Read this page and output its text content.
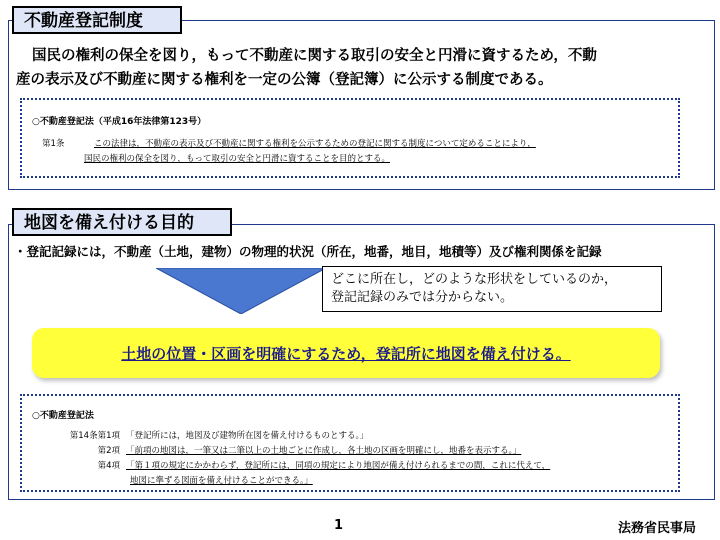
不動産登記制度
国民の権利の保全を図り，もって不動産に関する取引の安全と円滑に資するため，不動
産の表示及び不動産に関する権利を一定の公簿（登記簿）に公示する制度である。
○不動産登記法（平成16年法律第123号）
第1条	この法律は，不動産の表示及び不動産に関する権利を公示するための登記に関する制度について定めることにより，
国民の権利の保全を図り，もって取引の安全と円滑に資することを目的とする。
地図を備え付ける目的
・登記記録には，不動産（土地，建物）の物理的状況（所在，地番，地目，地積等）及び権利関係を記録
どこに所在し，どのような形状をしているのか，
登記記録のみでは分からない。
土地の位置・区画を明確にするため，登記所に地図を備え付ける。
○不動産登記法
第14条第1項 「登記所には，地図及び建物所在図を備え付けるものとする。」
第2項 「前項の地図は，一筆又は二筆以上の土地ごとに作成し，各土地の区画を明確にし，地番を表示する。」
第4項 「第１項の規定にかかわらず，登記所には，同項の規定により地図が備え付けられるまでの間，これに代えて，
地図に準ずる図面を備え付けることができる。」
1	法務省民事局
